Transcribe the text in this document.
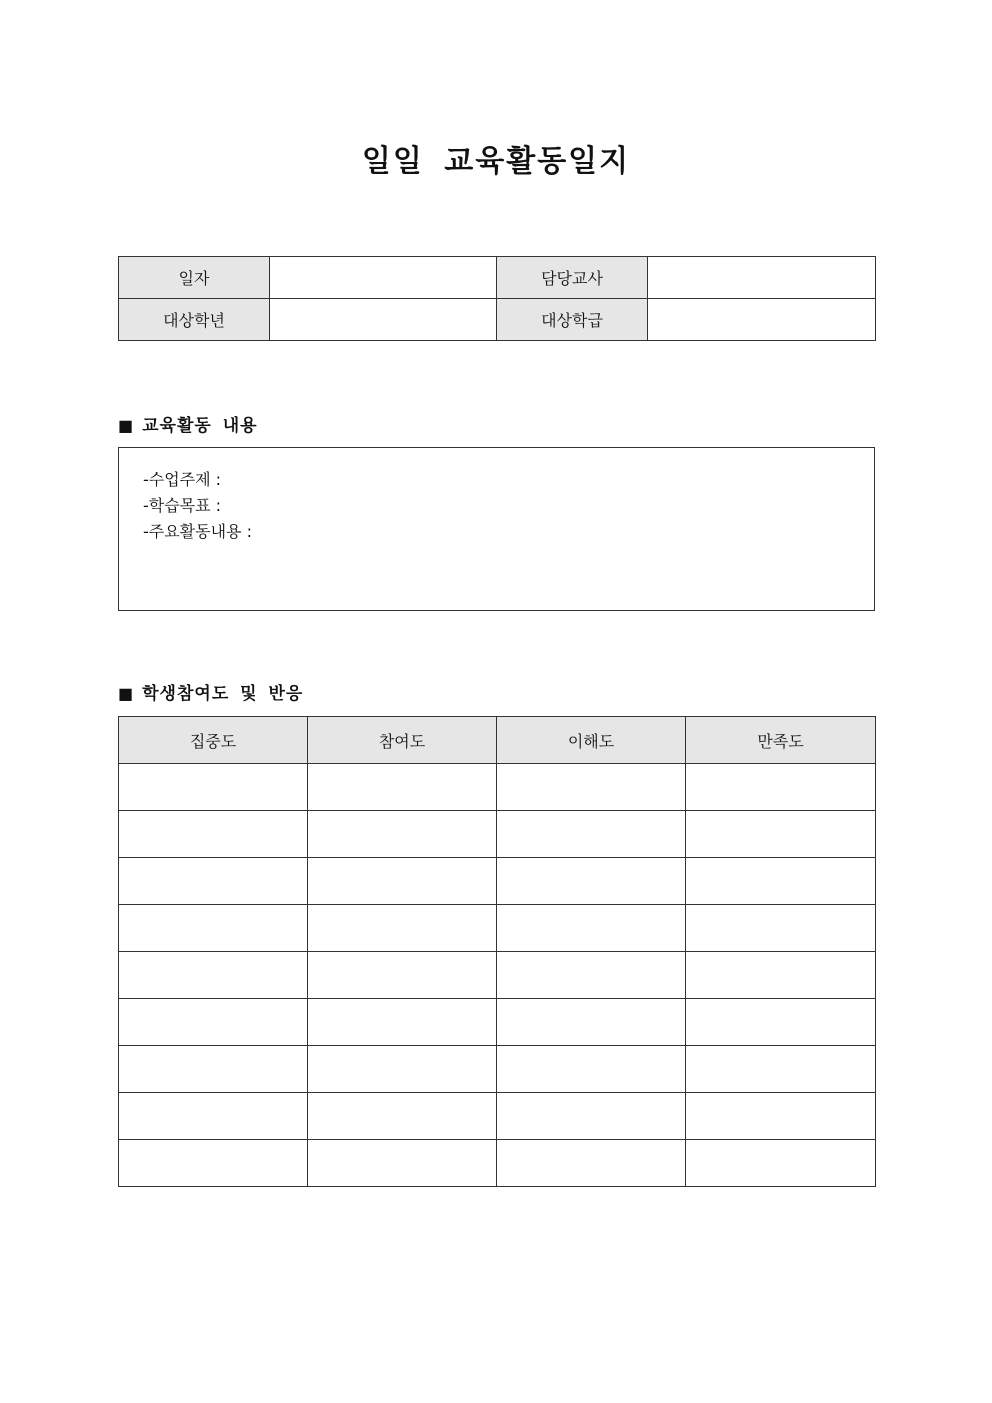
일일 교육활동일지
일자		담당교사	
대상학년		대상학급	
■ 교육활동 내용
-수업주제 :
-학습목표 :
-주요활동내용 :
■ 학생참여도 및 반응
집중도	참여도	이해도	만족도
